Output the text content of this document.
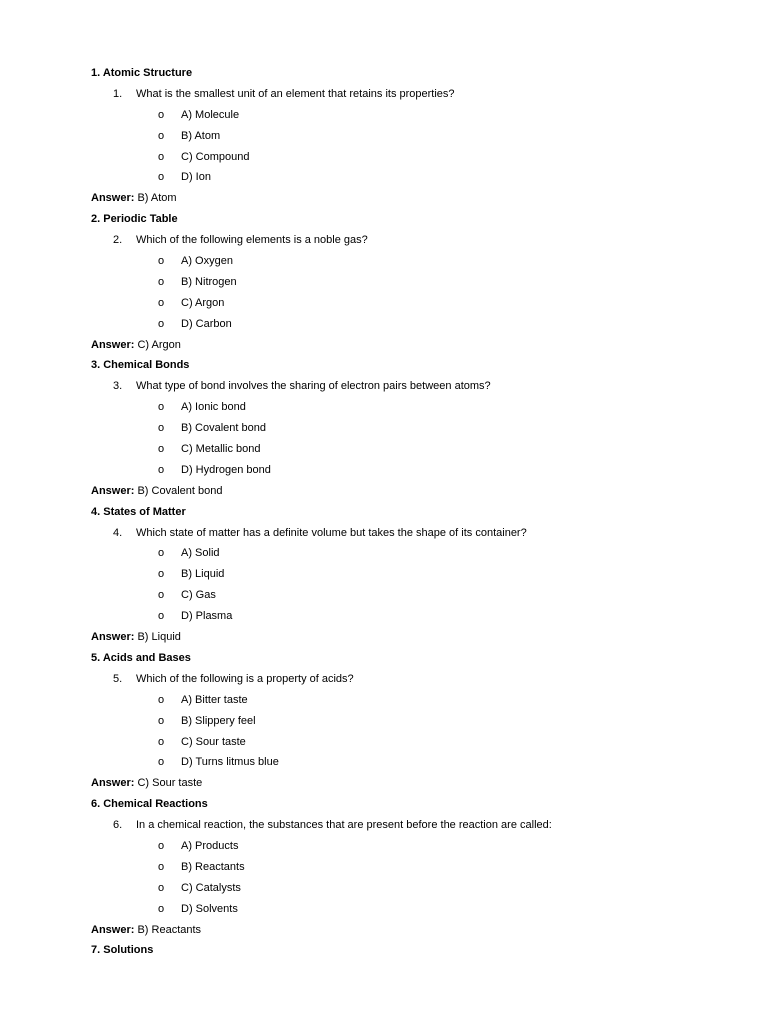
1. Atomic Structure
1. What is the smallest unit of an element that retains its properties?
o A) Molecule
o B) Atom
o C) Compound
o D) Ion
Answer: B) Atom
2. Periodic Table
2. Which of the following elements is a noble gas?
o A) Oxygen
o B) Nitrogen
o C) Argon
o D) Carbon
Answer: C) Argon
3. Chemical Bonds
3. What type of bond involves the sharing of electron pairs between atoms?
o A) Ionic bond
o B) Covalent bond
o C) Metallic bond
o D) Hydrogen bond
Answer: B) Covalent bond
4. States of Matter
4. Which state of matter has a definite volume but takes the shape of its container?
o A) Solid
o B) Liquid
o C) Gas
o D) Plasma
Answer: B) Liquid
5. Acids and Bases
5. Which of the following is a property of acids?
o A) Bitter taste
o B) Slippery feel
o C) Sour taste
o D) Turns litmus blue
Answer: C) Sour taste
6. Chemical Reactions
6. In a chemical reaction, the substances that are present before the reaction are called:
o A) Products
o B) Reactants
o C) Catalysts
o D) Solvents
Answer: B) Reactants
7. Solutions
